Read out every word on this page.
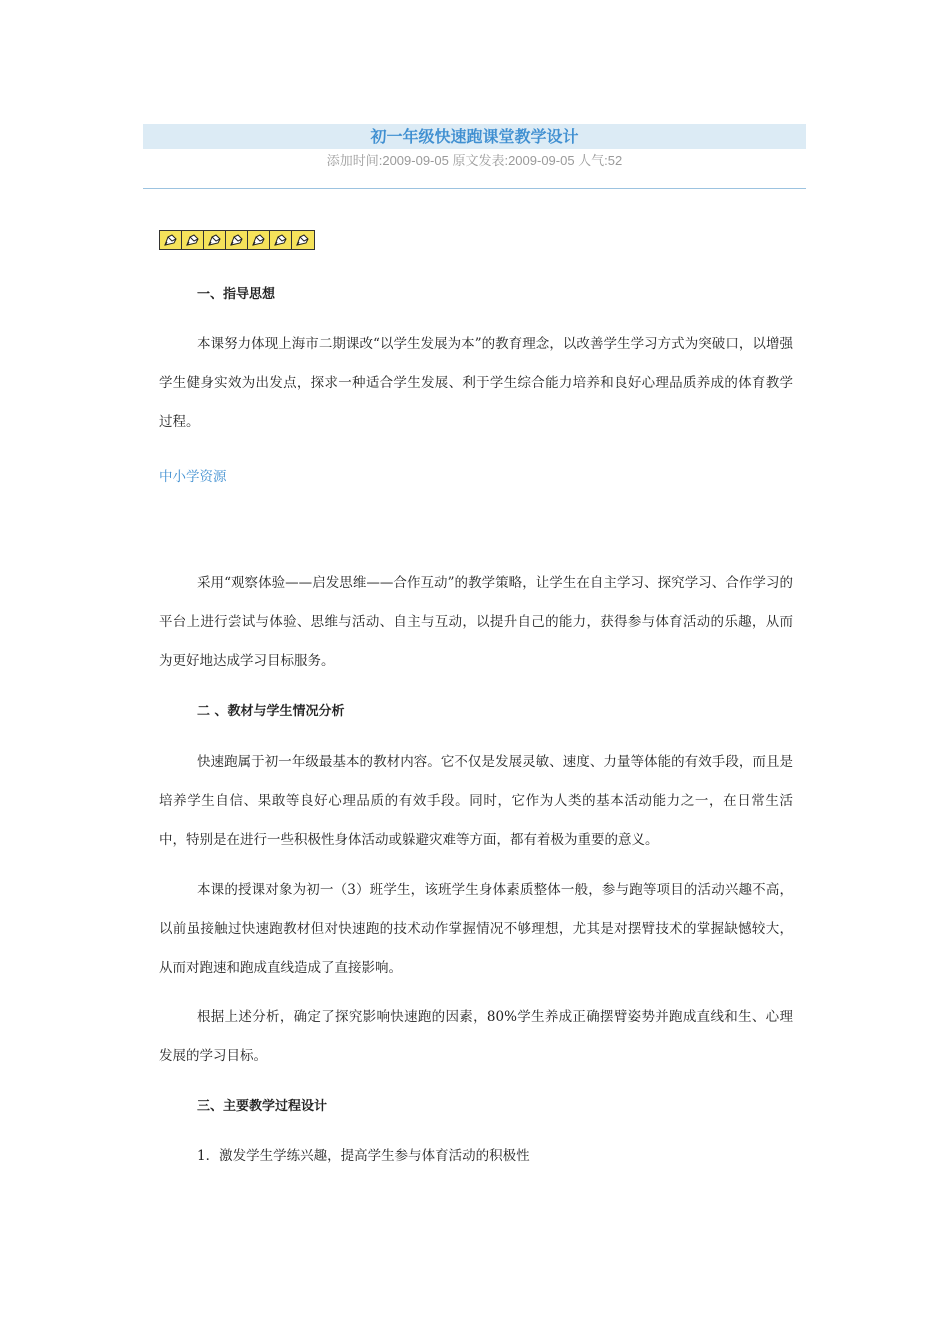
初一年级快速跑课堂教学设计
添加时间:2009-09-05 原文发表:2009-09-05 人气:52
一、指导思想
本课努力体现上海市二期课改“以学生发展为本”的教育理念，以改善学生学习方式为突破口，以增强学生健身实效为出发点，探求一种适合学生发展、利于学生综合能力培养和良好心理品质养成的体育教学过程。
中小学资源
采用“观察体验——启发思维——合作互动”的教学策略，让学生在自主学习、探究学习、合作学习的平台上进行尝试与体验、思维与活动、自主与互动，以提升自己的能力，获得参与体育活动的乐趣，从而为更好地达成学习目标服务。
二 、教材与学生情况分析
快速跑属于初一年级最基本的教材内容。它不仅是发展灵敏、速度、力量等体能的有效手段，而且是培养学生自信、果敢等良好心理品质的有效手段。同时，它作为人类的基本活动能力之一，在日常生活中，特别是在进行一些积极性身体活动或躲避灾难等方面，都有着极为重要的意义。
本课的授课对象为初一（3）班学生，该班学生身体素质整体一般，参与跑等项目的活动兴趣不高，以前虽接触过快速跑教材但对快速跑的技术动作掌握情况不够理想，尤其是对摆臂技术的掌握缺憾较大，从而对跑速和跑成直线造成了直接影响。
根据上述分析，确定了探究影响快速跑的因素，80%学生养成正确摆臂姿势并跑成直线和生、心理发展的学习目标。
三、主要教学过程设计
1．激发学生学练兴趣，提高学生参与体育活动的积极性
